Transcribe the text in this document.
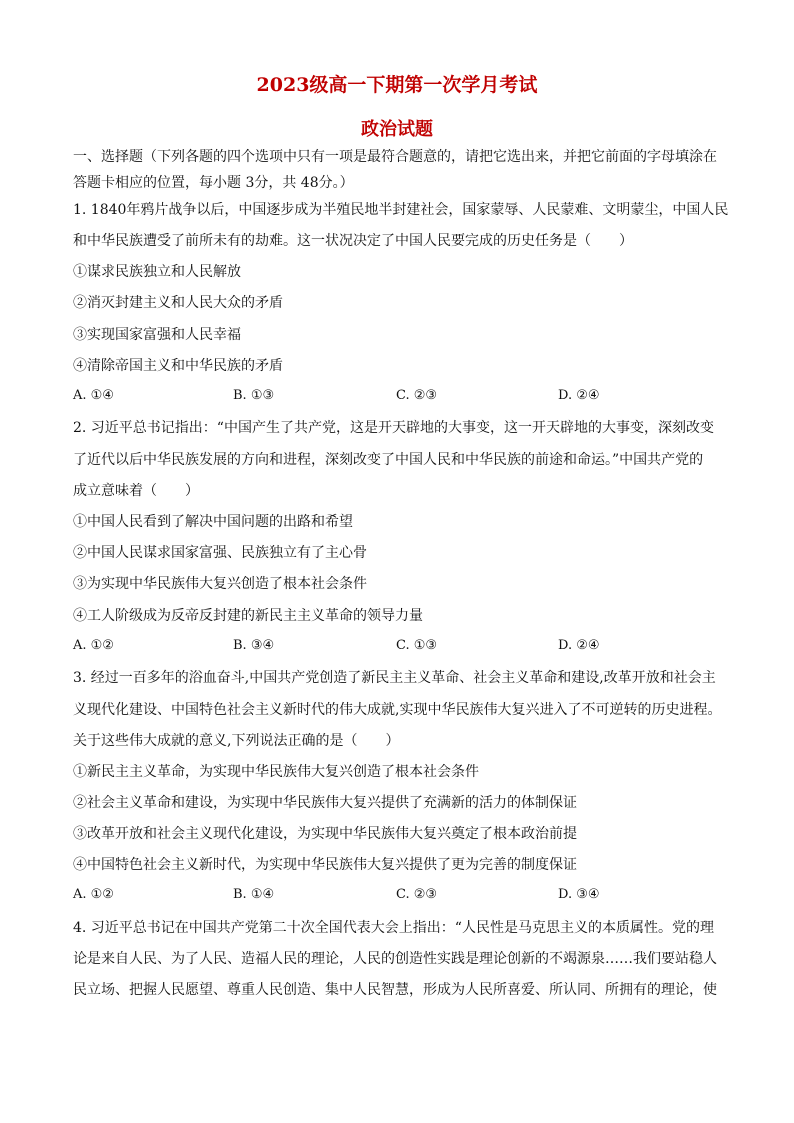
2023级高一下期第一次学月考试
政治试题
一、选择题（下列各题的四个选项中只有一项是最符合题意的，请把它选出来，并把它前面的字母填涂在
答题卡相应的位置，每小题 3分，共 48分。）
1. 1840年鸦片战争以后，中国逐步成为半殖民地半封建社会，国家蒙辱、人民蒙难、文明蒙尘，中国人民
和中华民族遭受了前所未有的劫难。这一状况决定了中国人民要完成的历史任务是（　　）
①谋求民族独立和人民解放
②消灭封建主义和人民大众的矛盾
③实现国家富强和人民幸福
④清除帝国主义和中华民族的矛盾
A. ①④	B. ①③	C. ②③	D. ②④
2. 习近平总书记指出：“中国产生了共产党，这是开天辟地的大事变，这一开天辟地的大事变，深刻改变
了近代以后中华民族发展的方向和进程，深刻改变了中国人民和中华民族的前途和命运。”中国共产党的
成立意味着（　　）
①中国人民看到了解决中国问题的出路和希望
②中国人民谋求国家富强、民族独立有了主心骨
③为实现中华民族伟大复兴创造了根本社会条件
④工人阶级成为反帝反封建的新民主主义革命的领导力量
A. ①②	B. ③④	C. ①③	D. ②④
3. 经过一百多年的浴血奋斗,中国共产党创造了新民主主义革命、社会主义革命和建设,改革开放和社会主
义现代化建设、中国特色社会主义新时代的伟大成就,实现中华民族伟大复兴进入了不可逆转的历史进程。
关于这些伟大成就的意义,下列说法正确的是（　　）
①新民主主义革命，为实现中华民族伟大复兴创造了根本社会条件
②社会主义革命和建设，为实现中华民族伟大复兴提供了充满新的活力的体制保证
③改革开放和社会主义现代化建设，为实现中华民族伟大复兴奠定了根本政治前提
④中国特色社会主义新时代，为实现中华民族伟大复兴提供了更为完善的制度保证
A. ①②	B. ①④	C. ②③	D. ③④
4. 习近平总书记在中国共产党第二十次全国代表大会上指出：“人民性是马克思主义的本质属性。党的理
论是来自人民、为了人民、造福人民的理论，人民的创造性实践是理论创新的不竭源泉……我们要站稳人
民立场、把握人民愿望、尊重人民创造、集中人民智慧，形成为人民所喜爱、所认同、所拥有的理论，使
